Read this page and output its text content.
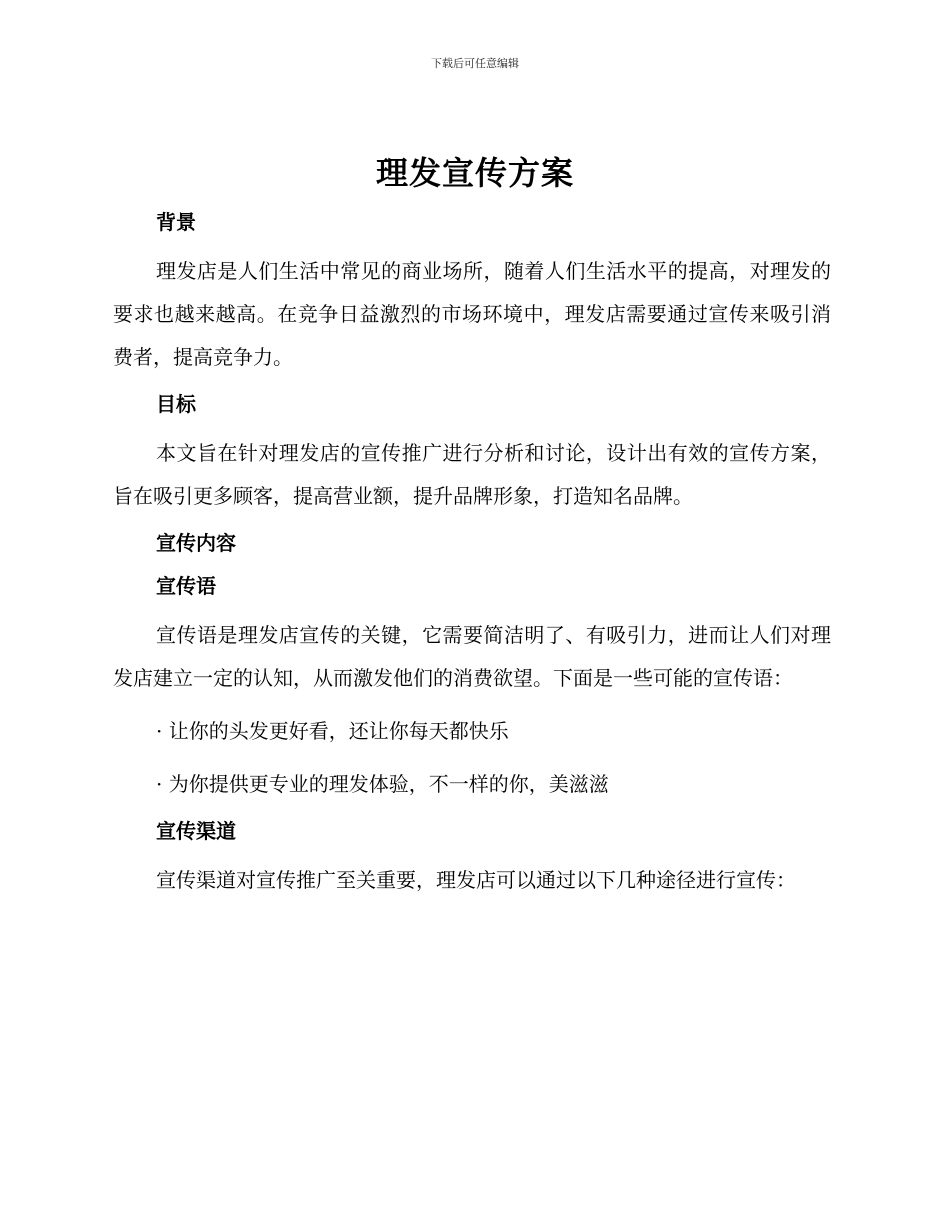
下载后可任意编辑
理发宣传方案
背景

理发店是人们生活中常见的商业场所，随着人们生活水平的提高，对理发的要求也越来越高。在竞争日益激烈的市场环境中，理发店需要通过宣传来吸引消费者，提高竞争力。

目标

本文旨在针对理发店的宣传推广进行分析和讨论，设计出有效的宣传方案，旨在吸引更多顾客，提高营业额，提升品牌形象，打造知名品牌。

宣传内容
宣传语

宣传语是理发店宣传的关键，它需要简洁明了、有吸引力，进而让人们对理发店建立一定的认知，从而激发他们的消费欲望。下面是一些可能的宣传语：

· 让你的头发更好看，还让你每天都快乐

· 为你提供更专业的理发体验，不一样的你，美滋滋

宣传渠道

宣传渠道对宣传推广至关重要，理发店可以通过以下几种途径进行宣传：
